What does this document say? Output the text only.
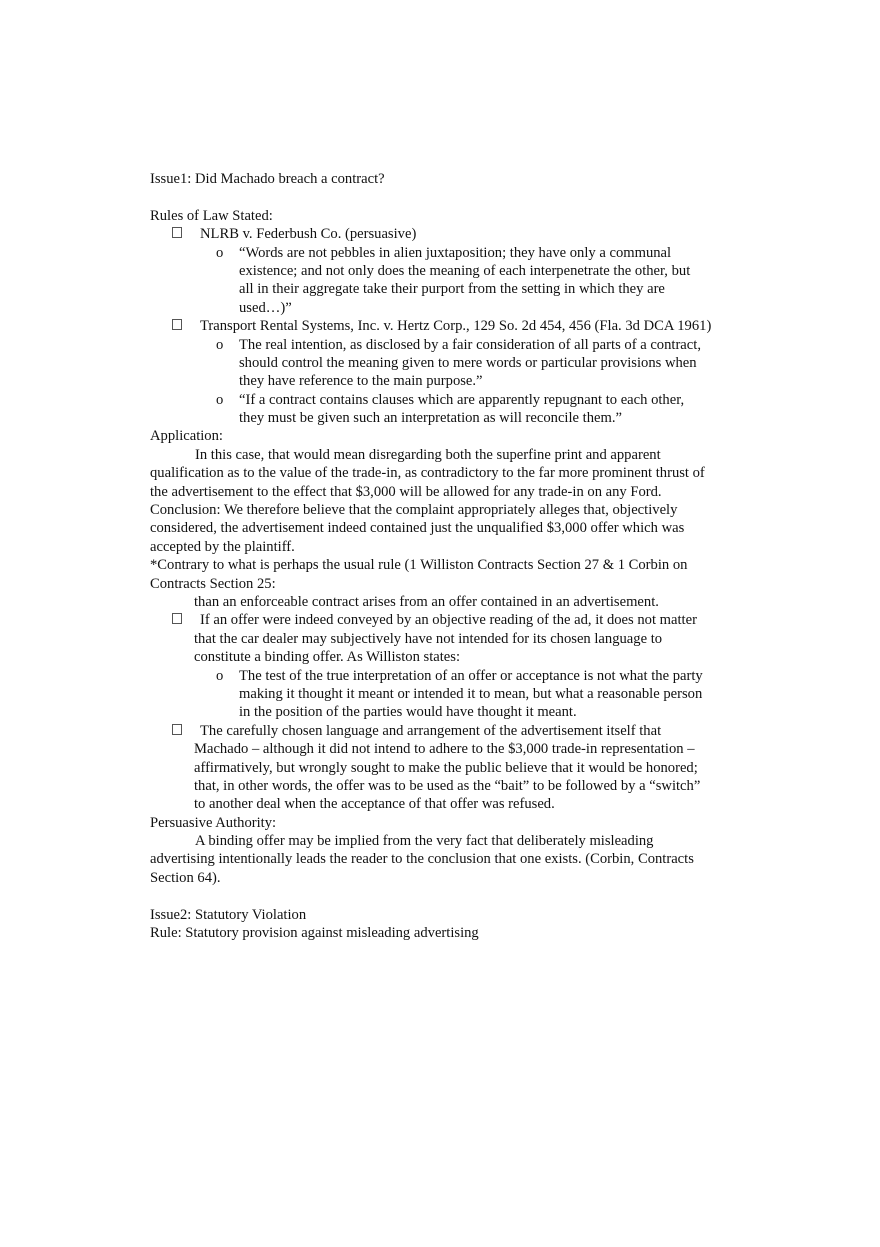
Issue1: Did Machado breach a contract?
Rules of Law Stated:
NLRB v. Federbush Co. (persuasive)
o “Words are not pebbles in alien juxtaposition; they have only a communal
existence; and not only does the meaning of each interpenetrate the other, but
all in their aggregate take their purport from the setting in which they are
used…)”
Transport Rental Systems, Inc. v. Hertz Corp., 129 So. 2d 454, 456 (Fla. 3d DCA 1961)
o The real intention, as disclosed by a fair consideration of all parts of a contract,
should control the meaning given to mere words or particular provisions when
they have reference to the main purpose.”
o “If a contract contains clauses which are apparently repugnant to each other,
they must be given such an interpretation as will reconcile them.”
Application:
In this case, that would mean disregarding both the superfine print and apparent
qualification as to the value of the trade-in, as contradictory to the far more prominent thrust of
the advertisement to the effect that $3,000 will be allowed for any trade-in on any Ford.
Conclusion: We therefore believe that the complaint appropriately alleges that, objectively
considered, the advertisement indeed contained just the unqualified $3,000 offer which was
accepted by the plaintiff.
*Contrary to what is perhaps the usual rule (1 Williston Contracts Section 27 & 1 Corbin on
Contracts Section 25:
than an enforceable contract arises from an offer contained in an advertisement.
If an offer were indeed conveyed by an objective reading of the ad, it does not matter
that the car dealer may subjectively have not intended for its chosen language to
constitute a binding offer. As Williston states:
o The test of the true interpretation of an offer or acceptance is not what the party
making it thought it meant or intended it to mean, but what a reasonable person
in the position of the parties would have thought it meant.
The carefully chosen language and arrangement of the advertisement itself that
Machado – although it did not intend to adhere to the $3,000 trade-in representation –
affirmatively, but wrongly sought to make the public believe that it would be honored;
that, in other words, the offer was to be used as the “bait” to be followed by a “switch”
to another deal when the acceptance of that offer was refused.
Persuasive Authority:
A binding offer may be implied from the very fact that deliberately misleading
advertising intentionally leads the reader to the conclusion that one exists. (Corbin, Contracts
Section 64).
Issue2: Statutory Violation
Rule: Statutory provision against misleading advertising
